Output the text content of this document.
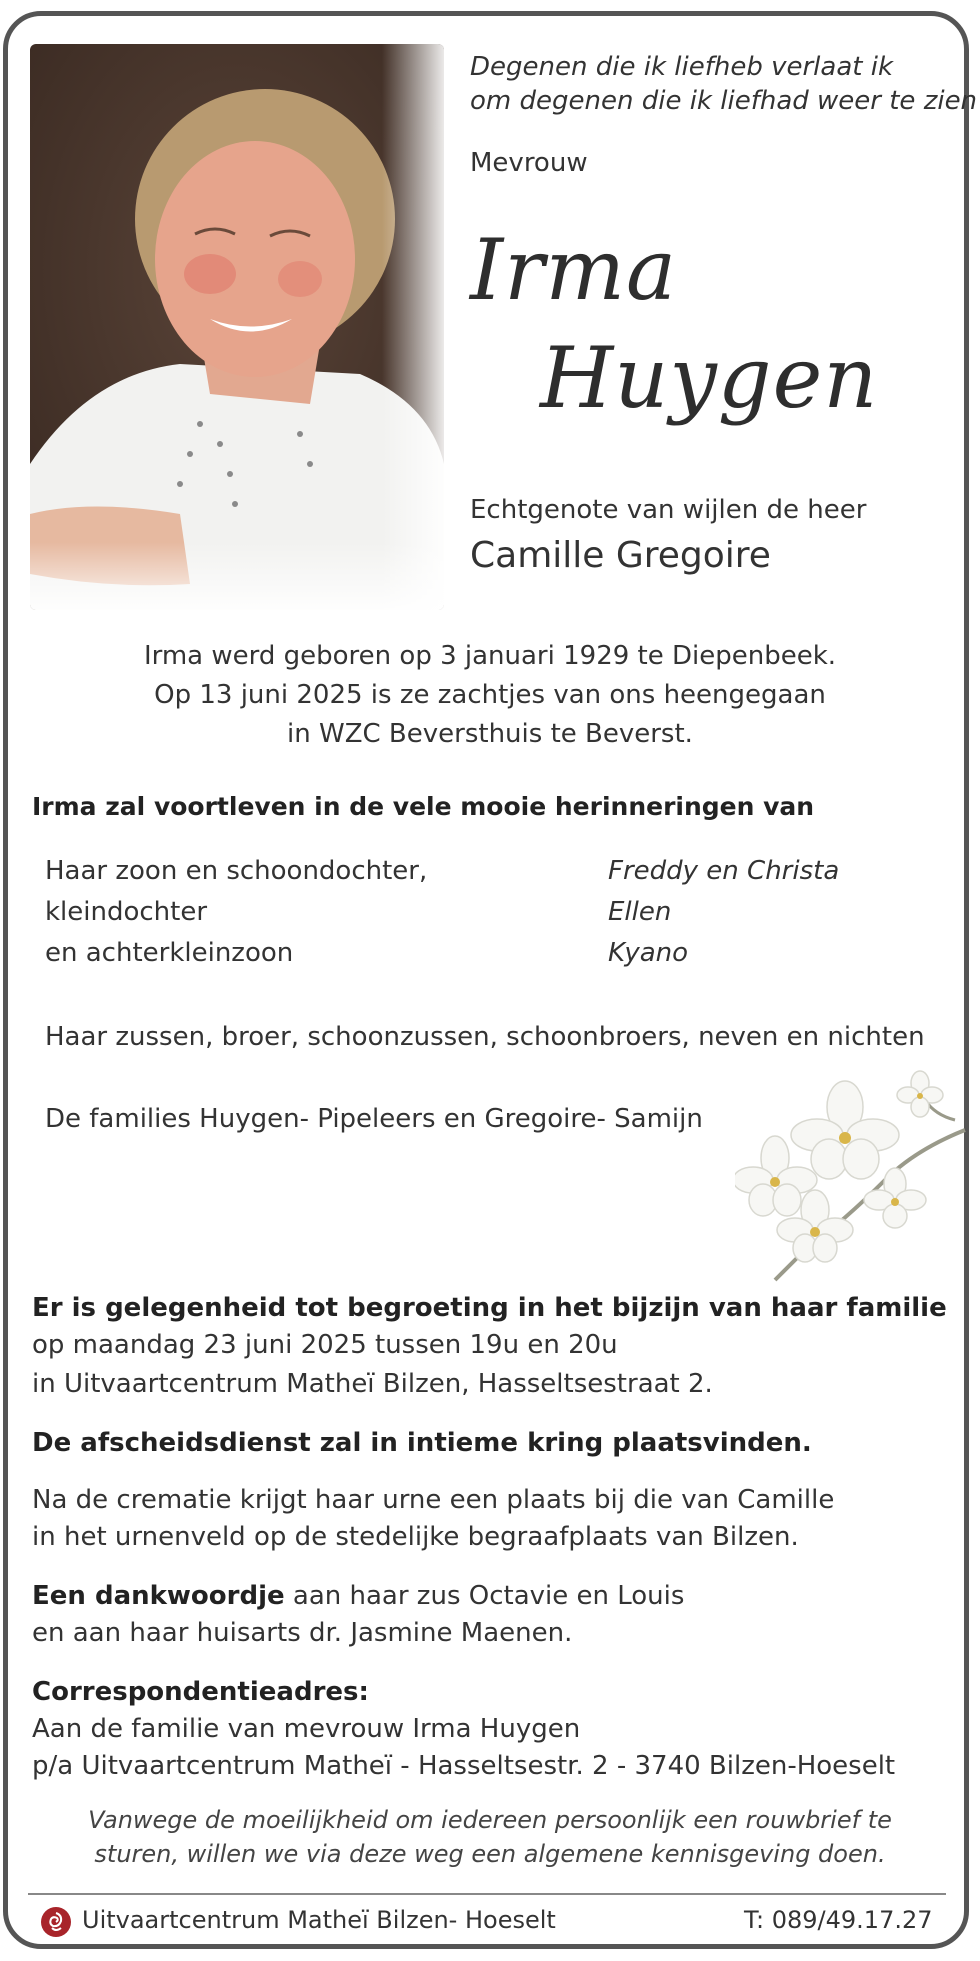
Degenen die ik liefheb verlaat ik
om degenen die ik liefhad weer te zien
Mevrouw
Irma
Huygen
Echtgenote van wijlen de heer
Camille Gregoire
Irma werd geboren op 3 januari 1929 te Diepenbeek.
Op 13 juni 2025 is ze zachtjes van ons heengegaan
in WZC Beversthuis te Beverst.
Irma zal voortleven in de vele mooie herinneringen van
Haar zoon en schoondochter,	Freddy en Christa
kleindochter	Ellen
en achterkleinzoon	Kyano
Haar zussen, broer, schoonzussen, schoonbroers, neven en nichten
De families Huygen- Pipeleers en Gregoire- Samijn
Er is gelegenheid tot begroeting in het bijzijn van haar familie
op maandag 23 juni 2025 tussen 19u en 20u
in Uitvaartcentrum Matheï Bilzen, Hasseltsestraat 2.
De afscheidsdienst zal in intieme kring plaatsvinden.
Na de crematie krijgt haar urne een plaats bij die van Camille
in het urnenveld op de stedelijke begraafplaats van Bilzen.
Een dankwoordje aan haar zus Octavie en Louis
en aan haar huisarts dr. Jasmine Maenen.
Correspondentieadres:
Aan de familie van mevrouw Irma Huygen
p/a Uitvaartcentrum Matheï - Hasseltsestr. 2 - 3740 Bilzen-Hoeselt
Vanwege de moeilijkheid om iedereen persoonlijk een rouwbrief te
sturen, willen we via deze weg een algemene kennisgeving doen.
Uitvaartcentrum Matheï Bilzen- Hoeselt	T: 089/49.17.27
